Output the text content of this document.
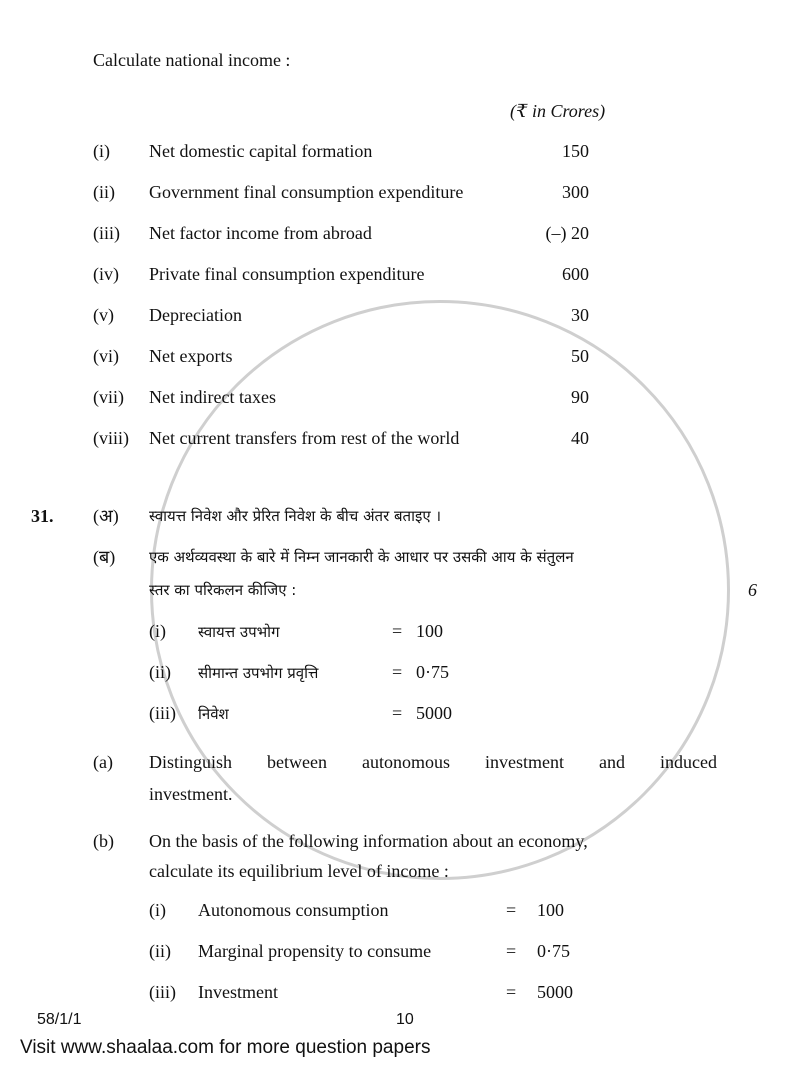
Calculate national income :
(₹ in Crores)
(i) Net domestic capital formation	150
(ii) Government final consumption expenditure	300
(iii) Net factor income from abroad	(–) 20
(iv) Private final consumption expenditure	600
(v) Depreciation	30
(vi) Net exports	50
(vii) Net indirect taxes	90
(viii) Net current transfers from rest of the world	40
31. (अ) स्वायत्त निवेश और प्रेरित निवेश के बीच अंतर बताइए ।
(ब) एक अर्थव्यवस्था के बारे में निम्न जानकारी के आधार पर उसकी आय के संतुलन
स्तर का परिकलन कीजिए :	6
(i) स्वायत्त उपभोग	= 100
(ii) सीमान्त उपभोग प्रवृत्ति	= 0·75
(iii) निवेश	= 5000
(a) Distinguish between autonomous investment and induced
investment.
(b) On the basis of the following information about an economy,
calculate its equilibrium level of income :
(i) Autonomous consumption	= 100
(ii) Marginal propensity to consume	= 0·75
(iii) Investment	= 5000
58/1/1	10
Visit www.shaalaa.com for more question papers
